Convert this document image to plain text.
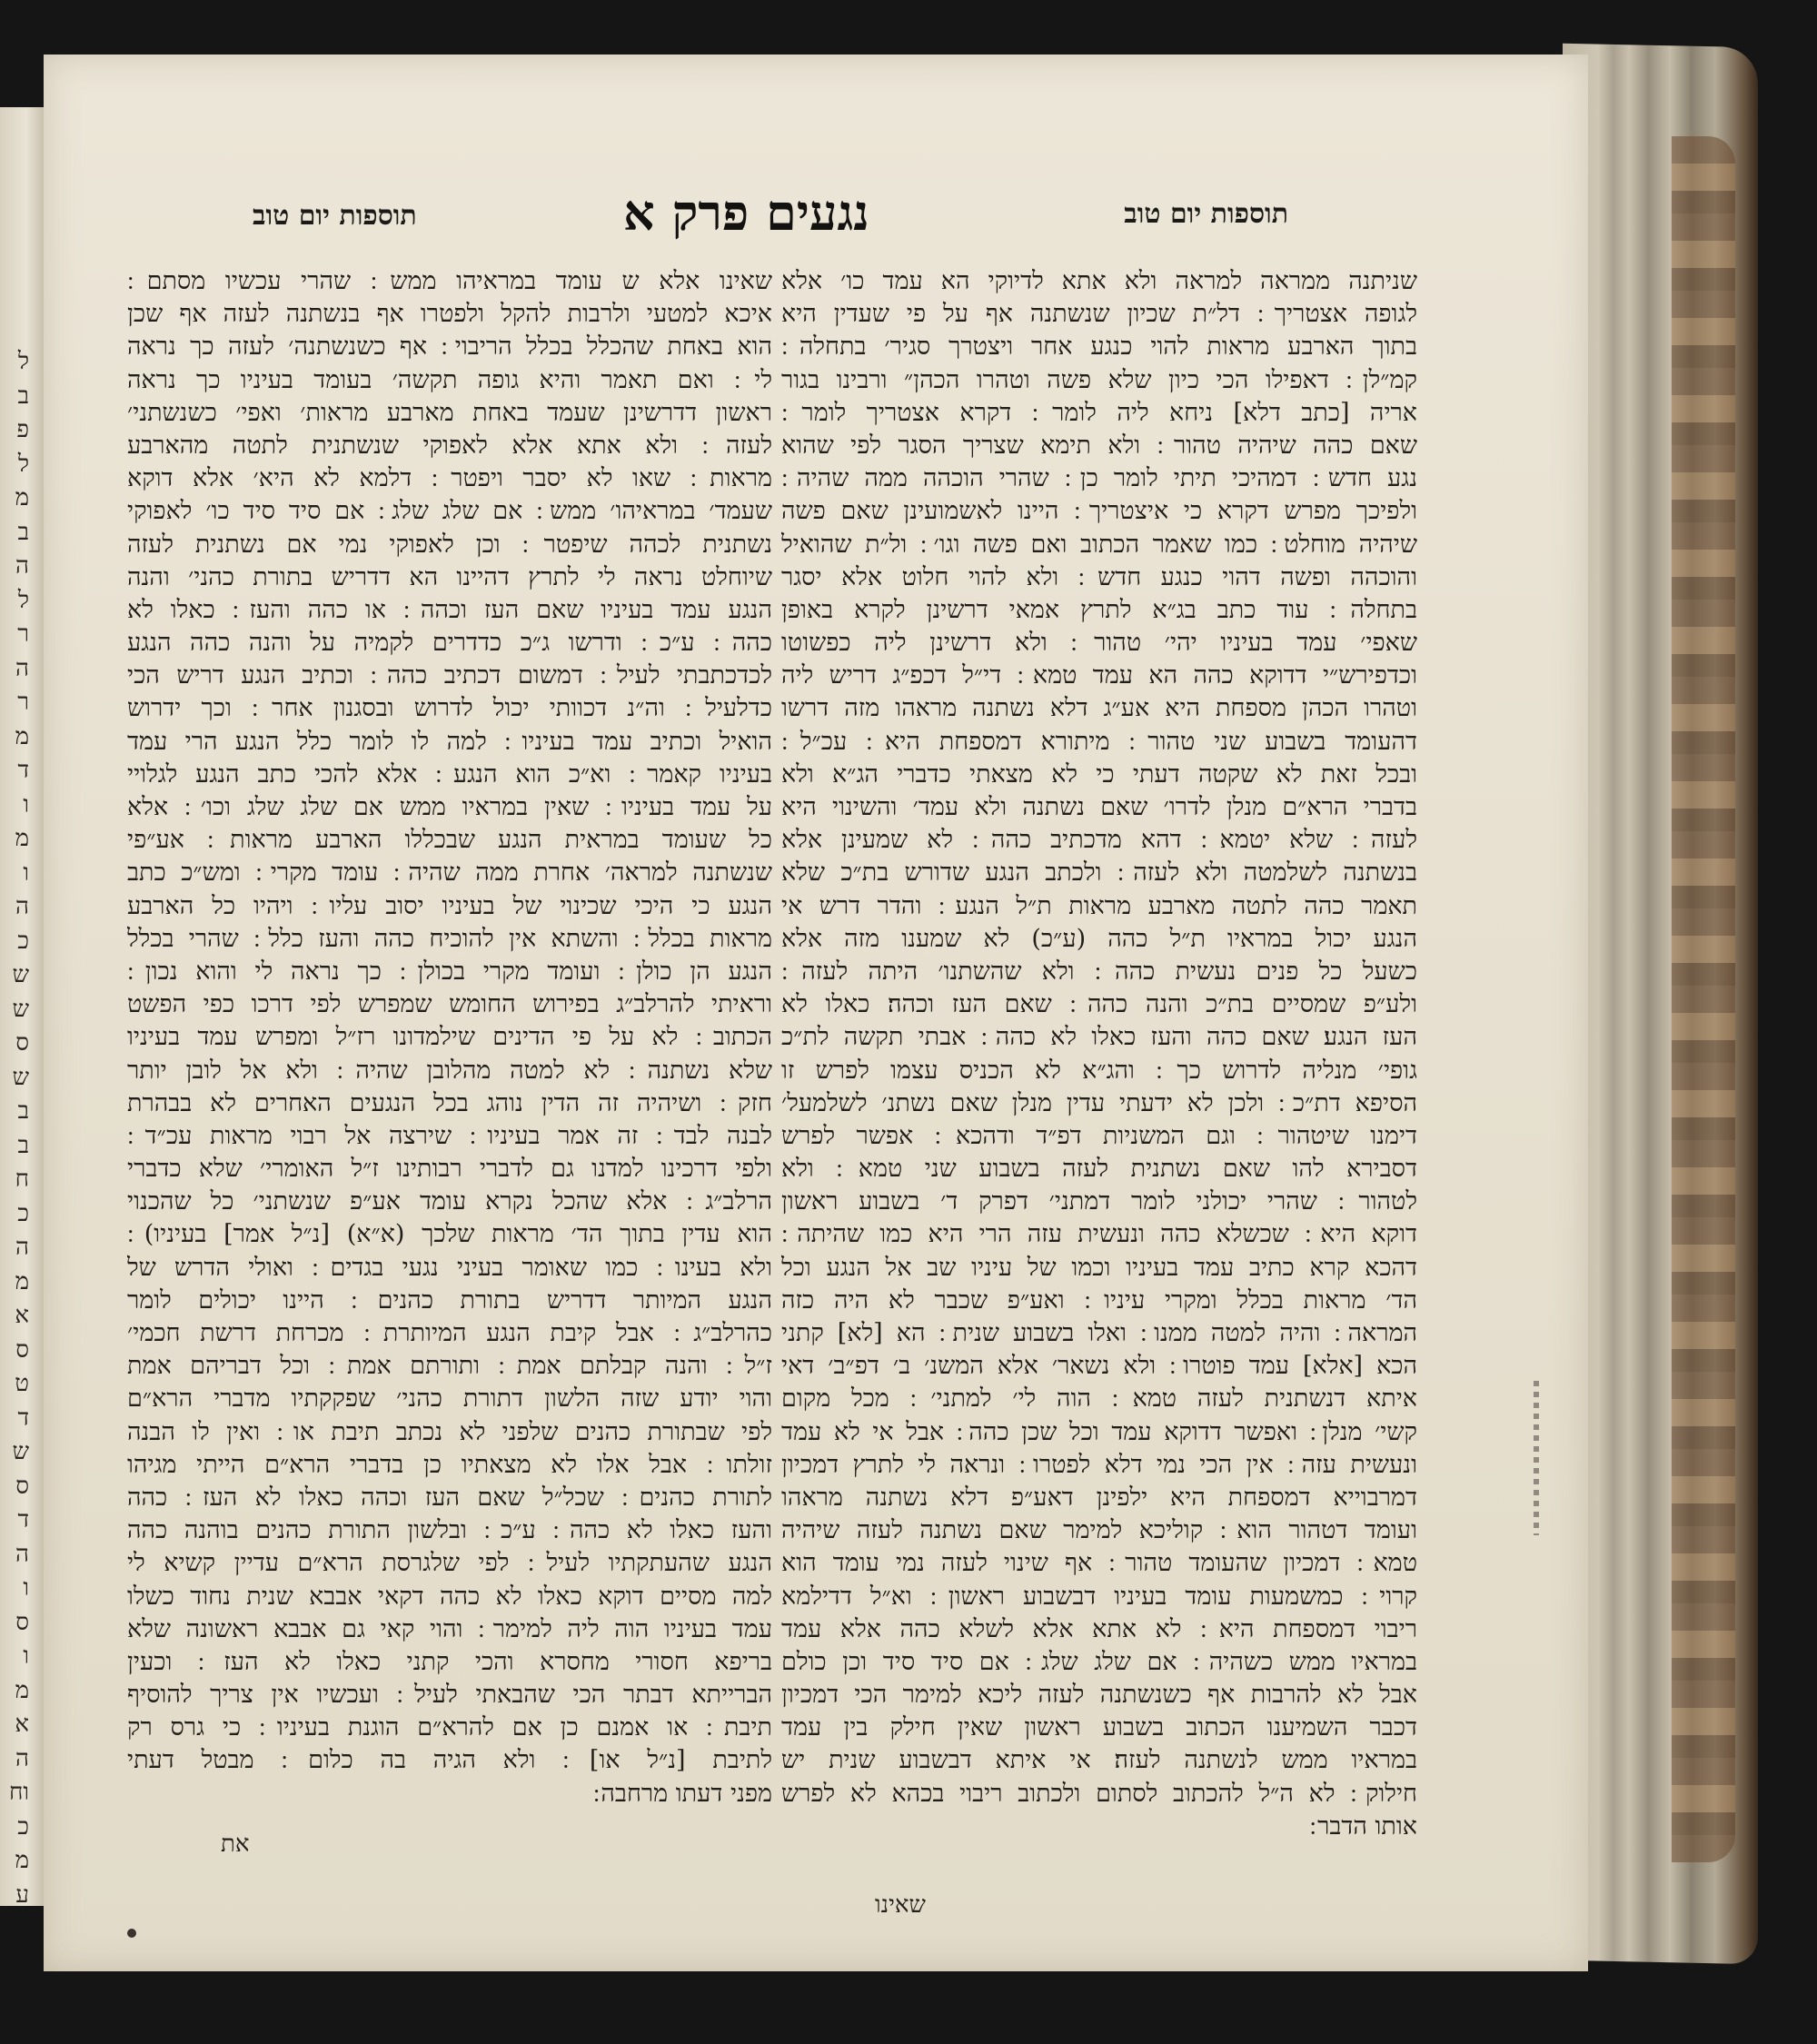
ל
ב
פ
ל
מ
ב
ה
ל
ר
ה
ר
מ
ד
ו
מ
ו
ה
כ
ש
ש
ס
ש
ב
ב
ח
כ
ה
מ
א
ס
ט
ד
ש
ס
ד
ה
ו
ס
ו
מ
א
ה
וח
כ
מ
ע
תוספות יום טוב
נגעים פרק א
תוספות יום טוב
שניתנה ממראה למראה ולא אתא לדיוקי הא עמד כו׳ אלא
לגופה אצטריך ׃ דל״ת שכיון שנשתנה אף על פי שעדין היא
בתוך הארבע מראות להוי כנגע אחר ויצטרך סגיר׳ בתחלה ׃
קמ״לן ׃ דאפילו הכי כיון שלא פשה וטהרו הכהן״ ורבינו בגור
אריה [כתב דלא] ניחא ליה לומר ׃ דקרא אצטריך לומר ׃
שאם כהה שיהיה טהור ׃ ולא תימא שצריך הסגר לפי שהוא
נגע חדש ׃ דמהיכי תיתי לומר כן ׃ שהרי הוכהה ממה שהיה ׃
ולפיכך מפרש דקרא כי איצטריך ׃ היינו לאשמועינן שאם פשה
שיהיה מוחלט ׃ כמו שאמר הכתוב ואם פשה וגו׳ ׃ ול״ת שהואיל
והוכהה ופשה דהוי כנגע חדש ׃ ולא להוי חלוט אלא יסגר
בתחלה ׃ עוד כתב בג״א לתרץ אמאי דרשינן לקרא באופן
שאפי׳ עמד בעיניו יהי׳ טהור ׃ ולא דרשינן ליה כפשוטו
וכדפירש״י דדוקא כהה הא עמד טמא ׃ די״ל דכפ״ג דריש ליה
וטהרו הכהן מספחת היא אע״ג דלא נשתנה מראהו מזה דרשו
דהעומד בשבוע שני טהור ׃ מיתורא דמספחת היא ׃ עכ״ל ׃
ובכל זאת לא שקטה דעתי כי לא מצאתי כדברי הג״א ולא
בדברי הרא״ם מנלן לדרו׳ שאם נשתנה ולא עמד׳ והשינוי היא
לעזה ׃ שלא יטמא ׃ דהא מדכתיב כהה ׃ לא שמעינן אלא
בנשתנה לשלמטה ולא לעזה ׃ ולכתב הנגע שדורש בת״כ שלא
תאמר כהה לתטה מארבע מראות ת״ל הנגע ׃ והדר דרש אי
הנגע יכול במראיו ת״ל כהה (ע״כ) לא שמענו מזה אלא
כשעל כל פנים נעשית כהה ׃ ולא שהשתנו׳ היתה לעזה ׃
ולע״פ שמסיים בת״כ והנה כהה ׃ שאם העז וכהה׃ כאלו לא
העז הנגע׃ שאם כהה והעז כאלו לא כהה ׃ אבתי תקשה לת״כ
גופי׳ מנליה לדרוש כך ׃ והג״א לא הכניס עצמו לפרש זו
הסיפא דת״כ ׃ ולכן לא ידעתי עדין מנלן שאם נשתנ׳ לשלמעל׳
דימנו שיטהור ׃ וגם המשניות דפ״ד ודהכא ׃ אפשר לפרש
דסבירא להו שאם נשתנית לעזה בשבוע שני טמא ׃ ולא
לטהור ׃ שהרי יכולני לומר דמתני׳ דפרק ד׳ בשבוע ראשון
דוקא היא ׃ שכשלא כהה ונעשית עזה הרי היא כמו שהיתה ׃
דהכא קרא כתיב עמד בעיניו וכמו של עיניו שב אל הנגע וכל
הד׳ מראות בכלל ומקרי עיניו ׃ ואע״פ שכבר לא היה כזה
המראה ׃ והיה למטה ממנו ׃ ואלו בשבוע שנית ׃ הא [לא] קתני
הכא [אלא] עמד פוטרו ׃ ולא נשאר׳ אלא המשנ׳ ב׳ דפ״ב׳ דאי
איתא דנשתנית לעזה טמא ׃ הוה לי׳ למתני׳ ׃ מכל מקום
קשי׳ מנלן ׃ ואפשר דדוקא עמד וכל שכן כהה ׃ אבל אי לא עמד
ונעשית עזה ׃ אין הכי נמי דלא לפטרו ׃ ונראה לי לתרץ דמכיון
דמרבוייא דמספחת היא ילפינן דאע״פ דלא נשתנה מראהו
ועומד דטהור הוא ׃ קוליכא למימר שאם נשתנה לעזה שיהיה
טמא ׃ דמכיון שהעומד טהור ׃ אף שינוי לעזה נמי עומד הוא
קרוי ׃ כמשמעות עומד בעיניו דבשבוע ראשון ׃ וא״ל דדילמא
ריבוי דמספחת היא ׃ לא אתא אלא לשלא כהה אלא עמד
במראיו ממש כשהיה ׃ אם שלג שלג ׃ אם סיד סיד וכן כולם
אבל לא להרבות אף כשנשתנה לעזה ליכא למימר הכי דמכיון
דכבר השמיענו הכתוב בשבוע ראשון שאין חילק בין עמד
במראיו ממש לנשתנה לעזה׃ אי איתא דבשבוע שנית יש
חילוק ׃ לא ה״ל להכתוב לסתום ולכתוב ריבוי בכהא לא לפרש
אותו הדבר ׃
שאינו אלא ש עומד במראיהו ממש ׃ שהרי עכשיו מסתם ׃
איכא למטעי ולרבות להקל ולפטרו אף בנשתנה לעזה אף שכן
הוא באחת שהכלל בכלל הריבוי ׃ אף כשנשתנה׳ לעזה כך נראה
לי ׃ ואם תאמר והיא גופה תקשה׳ בעומד בעיניו כך נראה
ראשון דדרשינן שעמד באחת מארבע מראות׳ ואפי׳ כשנשתני׳
לעזה ׃ ולא אתא אלא לאפוקי שנשתנית לתטה מהארבע
מראות ׃ שאו לא יסבר ויפטר ׃ דלמא לא היא׳ אלא דוקא
שעמד׳ במראיהו׳ ממש ׃ אם שלג שלג ׃ אם סיד סיד כו׳ לאפוקי
נשתנית לכהה שיפטר ׃ וכן לאפוקי נמי אם נשתנית לעזה
שיוחלט נראה לי לתרץ דהיינו הא דדריש בתורת כהני׳ והנה
הנגע עמד בעיניו שאם העז וכהה ׃ או כהה והעז ׃ כאלו לא
כהה ׃ ע״כ ׃ ודרשו ג״כ כדדרים לקמיה על והנה כהה הנגע
לכדכתבתי לעיל ׃ דמשום דכתיב כהה ׃ וכתיב הנגע דריש הכי
כדלעיל ׃ וה״נ דכוותי יכול לדרוש ובסגנון אחר ׃ וכך ידרוש
הואיל וכתיב עמד בעיניו ׃ למה לו לומר כלל הנגע הרי עמד
בעיניו קאמר ׃ וא״כ הוא הנגע ׃ אלא להכי כתב הנגע לגלויי
על עמד בעיניו ׃ שאין במראיו ממש אם שלג שלג וכו׳ ׃ אלא
כל שעומד במראית הנגע שבכללו הארבע מראות ׃ אע״פי
שנשתנה למראה׳ אחרת ממה שהיה ׃ עומד מקרי ׃ ומש״כ כתב
הנגע כי היכי שכינוי של בעיניו יסוב עליו ׃ ויהיו כל הארבע
מראות בכלל ׃ והשתא אין להוכיח כהה והעז כלל ׃ שהרי בכלל
הנגע הן כולן ׃ ועומד מקרי בכולן ׃ כך נראה לי והוא נכון ׃
וראיתי להרלב״ג בפירוש החומש שמפרש לפי דרכו כפי הפשט
הכתוב ׃ לא על פי הדינים שילמדונו רז״ל ומפרש עמד בעיניו
שלא נשתנה ׃ לא למטה מהלובן שהיה ׃ ולא אל לובן יותר
חזק ׃ ושיהיה זה הדין נוהג בכל הנגעים האחרים לא בבהרת
לבנה לבד ׃ זה אמר בעיניו ׃ שירצה אל רבוי מראות עכ״ד ׃
ולפי דרכינו למדנו גם לדברי רבותינו ז״ל האומרי׳ שלא כדברי
הרלב״ג ׃ אלא שהכל נקרא עומד אע״פ שנשתני׳ כל שהכנוי
הוא עדין בתוך הד׳ מראות שלכך (א״א) [נ״ל אמר] בעיניו) ׃
ולא בעינו ׃ כמו שאומר בעיני נגעי בגדים ׃ ואולי הדרש של
הנגע המיותר דדריש בתורת כהנים ׃ היינו יכולים לומר
כהרלב״ג ׃ אבל קיבת הנגע המיותרת ׃ מכרחת דרשת חכמי׳
ז״ל ׃ והנה קבלתם אמת ׃ ותורתם אמת ׃ וכל דבריהם אמת
והוי יודע שזה הלשון דתורת כהני׳ שפקקתיו מדברי הרא״ם
לפי שבתורת כהנים שלפני לא נכתב תיבת או ׃ ואין לו הבנה
זולתו ׃ אבל אלו לא מצאתיו כן בדברי הרא״ם הייתי מגיהו
לתורת כהנים ׃ שכל״ל שאם העז וכהה כאלו לא העז ׃ כהה
והעז כאלו לא כהה ׃ ע״כ ׃ ובלשון התורת כהנים בוהנה כהה
הנגע שהעתקתיו לעיל ׃ לפי שלגרסת הרא״ם עדיין קשיא לי
למה מסיים דוקא כאלו לא כהה דקאי אבבא שנית נחוד כשלו
עמד בעיניו הוה ליה למימר ׃ והוי קאי גם אבבא ראשונה שלא
בריפא חסורי מחסרא והכי קתני כאלו לא העז ׃ וכעין
הברייתא דבתר הכי שהבאתי לעיל ׃ ועכשיו אין צריך להוסיף
תיבת ׃ או אמנם כן אם להרא״ם הוגנת בעיניו ׃ כי גרס רק
לתיבת [נ״ל או] ׃ ולא הגיה בה כלום ׃ מבטל דעתי
מפני דעתו מרחבה ׃
שאינו
את
